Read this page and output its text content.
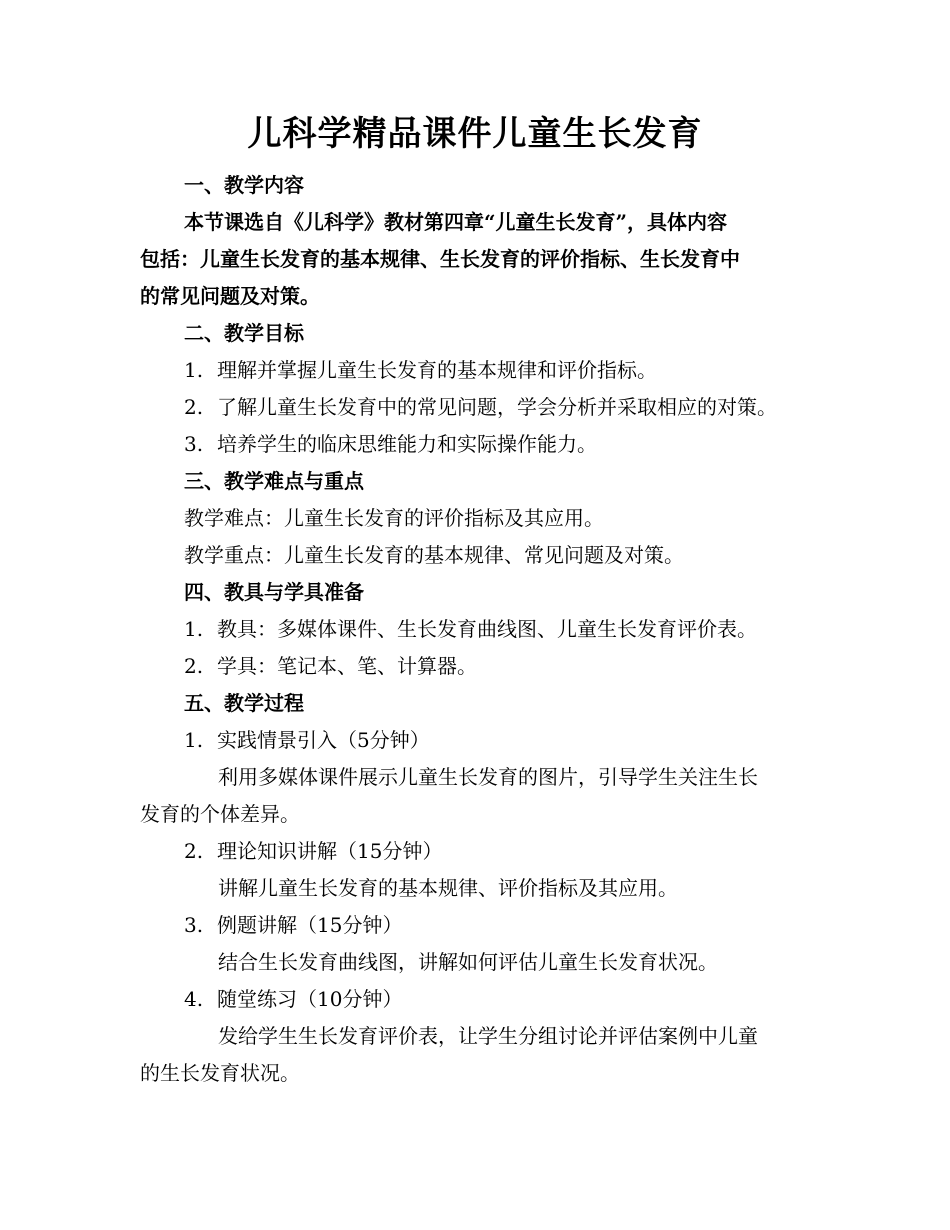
儿科学精品课件儿童生长发育
一、教学内容
本节课选自《儿科学》教材第四章“儿童生长发育”，具体内容
包括：儿童生长发育的基本规律、生长发育的评价指标、生长发育中
的常见问题及对策。
二、教学目标
1. 理解并掌握儿童生长发育的基本规律和评价指标。
2. 了解儿童生长发育中的常见问题，学会分析并采取相应的对策。
3. 培养学生的临床思维能力和实际操作能力。
三、教学难点与重点
教学难点：儿童生长发育的评价指标及其应用。
教学重点：儿童生长发育的基本规律、常见问题及对策。
四、教具与学具准备
1. 教具：多媒体课件、生长发育曲线图、儿童生长发育评价表。
2. 学具：笔记本、笔、计算器。
五、教学过程
1. 实践情景引入（5分钟）
利用多媒体课件展示儿童生长发育的图片，引导学生关注生长
发育的个体差异。
2. 理论知识讲解（15分钟）
讲解儿童生长发育的基本规律、评价指标及其应用。
3. 例题讲解（15分钟）
结合生长发育曲线图，讲解如何评估儿童生长发育状况。
4. 随堂练习（10分钟）
发给学生生长发育评价表，让学生分组讨论并评估案例中儿童
的生长发育状况。
